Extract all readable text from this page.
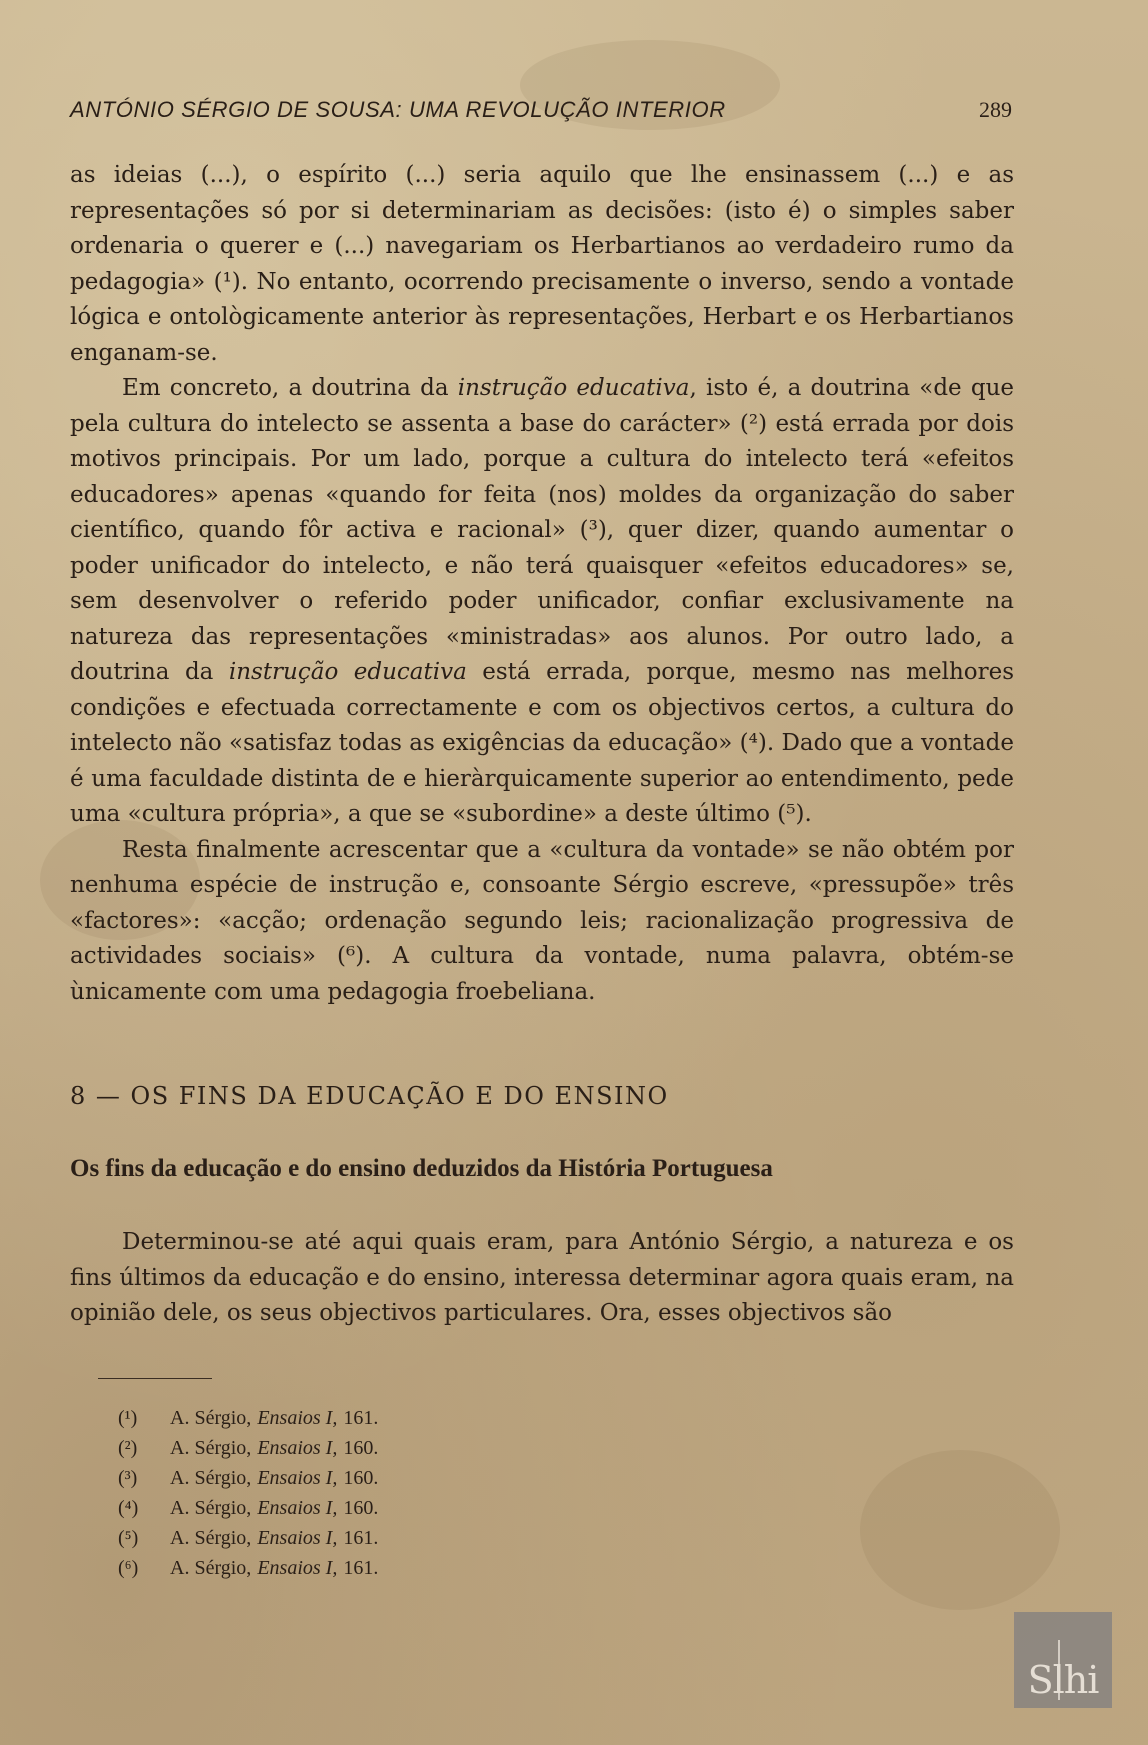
ANTÓNIO SÉRGIO DE SOUSA: UMA REVOLUÇÃO INTERIOR	289

as ideias (...), o espírito (...) seria aquilo que lhe ensinassem (...) e as representações só por si determinariam as decisões: (isto é) o simples saber ordenaria o querer e (...) navegariam os Herbartianos ao verdadeiro rumo da pedagogia» (¹). No entanto, ocorrendo precisamente o inverso, sendo a vontade lógica e ontològicamente anterior às representações, Herbart e os Herbartianos enganam-se.

Em concreto, a doutrina da instrução educativa, isto é, a doutrina «de que pela cultura do intelecto se assenta a base do carácter» (²) está errada por dois motivos principais. Por um lado, porque a cultura do intelecto terá «efeitos educadores» apenas «quando for feita (nos) moldes da organização do saber científico, quando fôr activa e racional» (³), quer dizer, quando aumentar o poder unificador do intelecto, e não terá quaisquer «efeitos educadores» se, sem desenvolver o referido poder unificador, confiar exclusivamente na natureza das representações «ministradas» aos alunos. Por outro lado, a doutrina da instrução educativa está errada, porque, mesmo nas melhores condições e efectuada correctamente e com os objectivos certos, a cultura do intelecto não «satisfaz todas as exigências da educação» (⁴). Dado que a vontade é uma faculdade distinta de e hieràrquicamente superior ao entendimento, pede uma «cultura própria», a que se «subordine» a deste último (⁵).

Resta finalmente acrescentar que a «cultura da vontade» se não obtém por nenhuma espécie de instrução e, consoante Sérgio escreve, «pressupõe» três «factores»: «acção; ordenação segundo leis; racionalização progressiva de actividades sociais» (⁶). A cultura da vontade, numa palavra, obtém-se ùnicamente com uma pedagogia froebeliana.

8 — OS FINS DA EDUCAÇÃO E DO ENSINO
Os fins da educação e do ensino deduzidos da História Portuguesa

Determinou-se até aqui quais eram, para António Sérgio, a natureza e os fins últimos da educação e do ensino, interessa determinar agora quais eram, na opinião dele, os seus objectivos particulares. Ora, esses objectivos são

(¹)	A. Sérgio, Ensaios I, 161.
(²)	A. Sérgio, Ensaios I, 160.
(³)	A. Sérgio, Ensaios I, 160.
(⁴)	A. Sérgio, Ensaios I, 160.
(⁵)	A. Sérgio, Ensaios I, 161.
(⁶)	A. Sérgio, Ensaios I, 161.
Slhi
